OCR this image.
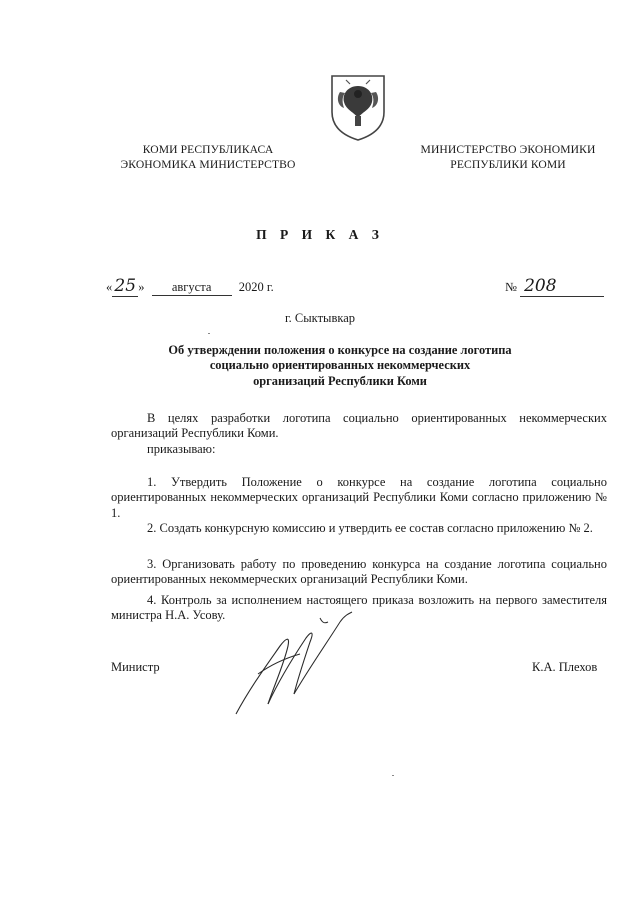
КОМИ РЕСПУБЛИКАСА
ЭКОНОМИКА МИНИСТЕРСТВО
МИНИСТЕРСТВО ЭКОНОМИКИ
РЕСПУБЛИКИ КОМИ
П Р И К А З
« 25 » августа 2020 г.	№ 208
г. Сыктывкар
Об утверждении положения о конкурсе на создание логотипа
социально ориентированных некоммерческих
организаций Республики Коми
В целях разработки логотипа социально ориентированных некоммерческих организаций Республики Коми.
приказываю:
1. Утвердить Положение о конкурсе на создание логотипа социально ориентированных некоммерческих организаций Республики Коми согласно приложению № 1.
2. Создать конкурсную комиссию и утвердить ее состав согласно приложению № 2.
3. Организовать работу по проведению конкурса на создание логотипа социально ориентированных некоммерческих организаций Республики Коми.
4. Контроль за исполнением настоящего приказа возложить на первого заместителя министра Н.А. Усову.
Министр	К.А. Плехов
